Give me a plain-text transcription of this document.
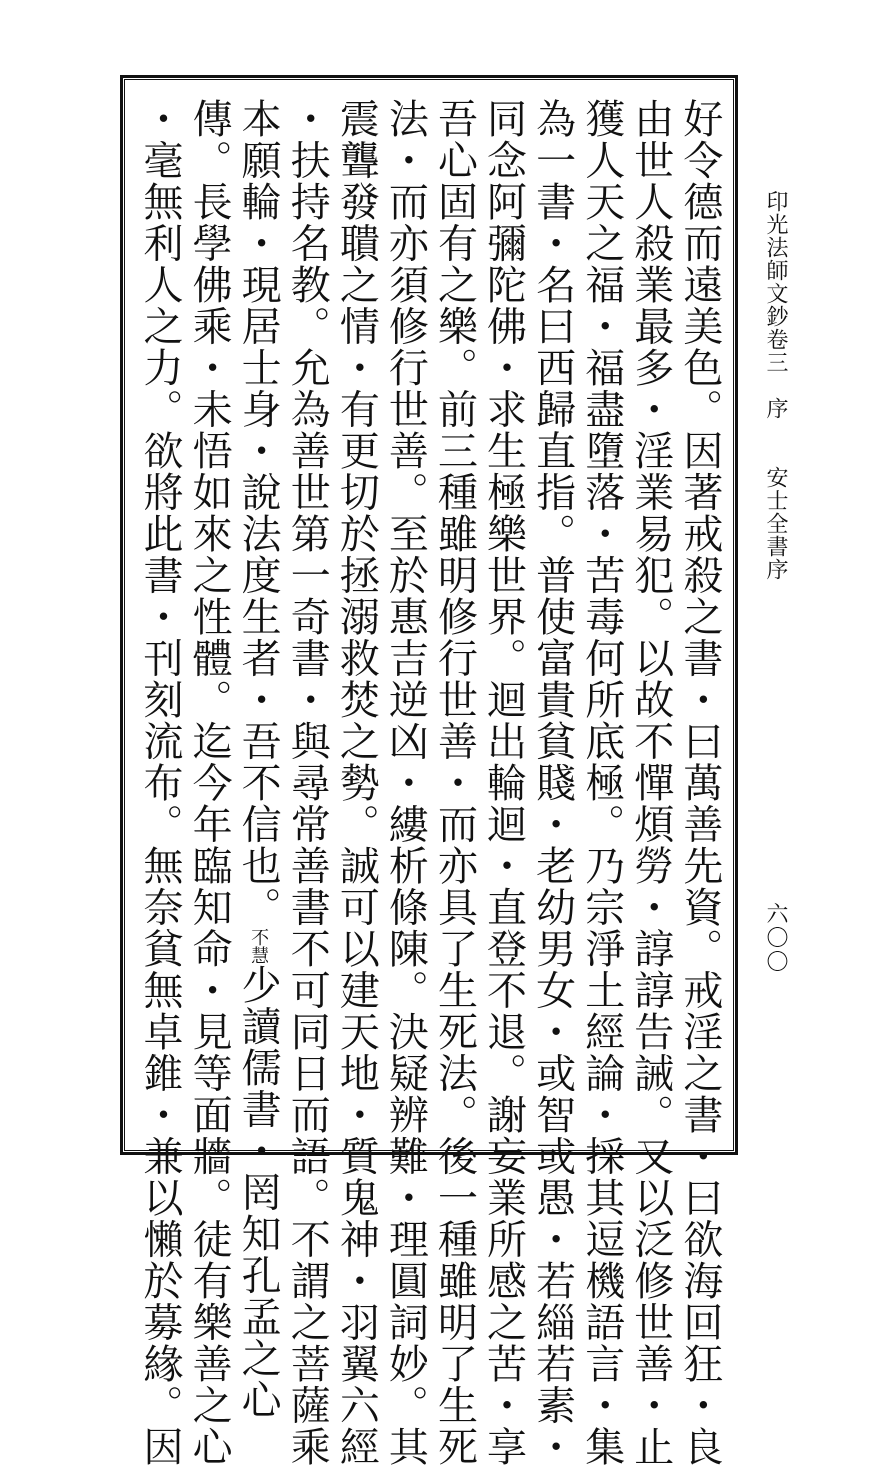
好令德而遠美色。因著戒殺之書・曰萬善先資。戒淫之書・曰欲海回狂・良
由世人殺業最多・淫業易犯。以故不憚煩勞・諄諄告誡。又以泛修世善・止
獲人天之福・福盡墮落・苦毒何所底極。乃宗淨土經論・採其逗機語言・集
為一書・名曰西歸直指。普使富貴貧賤・老幼男女・或智或愚・若緇若素・
同念阿彌陀佛・求生極樂世界。迴出輪迴・直登不退。謝妄業所感之苦・享
吾心固有之樂。前三種雖明修行世善・而亦具了生死法。後一種雖明了生死
法・而亦須修行世善。至於惠吉逆凶・縷析條陳。決疑辨難・理圓詞妙。其
震聾發聵之情・有更切於拯溺救焚之勢。誠可以建天地・質鬼神・羽翼六經
・扶持名教。允為善世第一奇書・與尋常善書不可同日而語。不謂之菩薩乘
本願輪・現居士身・說法度生者・吾不信也。不慧少讀儒書・罔知孔孟之心
傳。長學佛乘・未悟如來之性體。迄今年臨知命・見等面牆。徒有樂善之心
・毫無利人之力。欲將此書・刊刻流布。無奈貧無卓錐・兼以懶於募緣。因	印光法師文鈔卷三　序　　安士全書序
六〇〇
